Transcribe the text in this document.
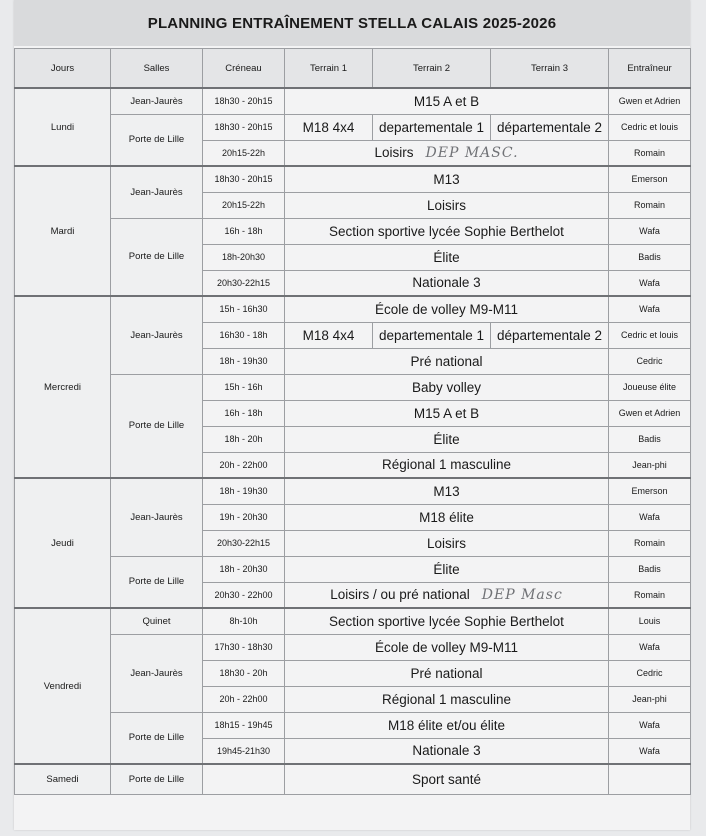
PLANNING ENTRAÎNEMENT STELLA CALAIS 2025-2026
Jours	Salles	Créneau	Terrain 1	Terrain 2	Terrain 3	Entraîneur
Lundi	Jean-Jaurès	18h30 - 20h15	M15 A et B			Gwen et Adrien
	Porte de Lille	18h30 - 20h15	M18 4x4	departementale 1	départementale 2	Cedric et louis
		20h15-22h	Loisirs DEP MASC.			Romain
Mardi	Jean-Jaurès	18h30 - 20h15	M13			Emerson
		20h15-22h	Loisirs			Romain
	Porte de Lille	16h - 18h	Section sportive lycée Sophie Berthelot			Wafa
		18h-20h30	Élite			Badis
		20h30-22h15	Nationale 3			Wafa
Mercredi	Jean-Jaurès	15h - 16h30	École de volley M9-M11			Wafa
		16h30 - 18h	M18 4x4	departementale 1	départementale 2	Cedric et louis
		18h - 19h30	Pré national			Cedric
	Porte de Lille	15h - 16h	Baby volley			Joueuse élite
		16h - 18h	M15 A et B			Gwen et Adrien
		18h - 20h	Élite			Badis
		20h - 22h00	Régional 1 masculine			Jean-phi
Jeudi	Jean-Jaurès	18h - 19h30	M13			Emerson
		19h - 20h30	M18 élite			Wafa
		20h30-22h15	Loisirs			Romain
	Porte de Lille	18h - 20h30	Élite			Badis
		20h30 - 22h00	Loisirs / ou pré national DEP Masc			Romain
Vendredi	Quinet	8h-10h	Section sportive lycée Sophie Berthelot			Louis
	Jean-Jaurès	17h30 - 18h30	École de volley M9-M11			Wafa
		18h30 - 20h	Pré national			Cedric
		20h - 22h00	Régional 1 masculine			Jean-phi
	Porte de Lille	18h15 - 19h45	M18 élite et/ou élite			Wafa
		19h45-21h30	Nationale 3			Wafa
Samedi	Porte de Lille		Sport santé			
